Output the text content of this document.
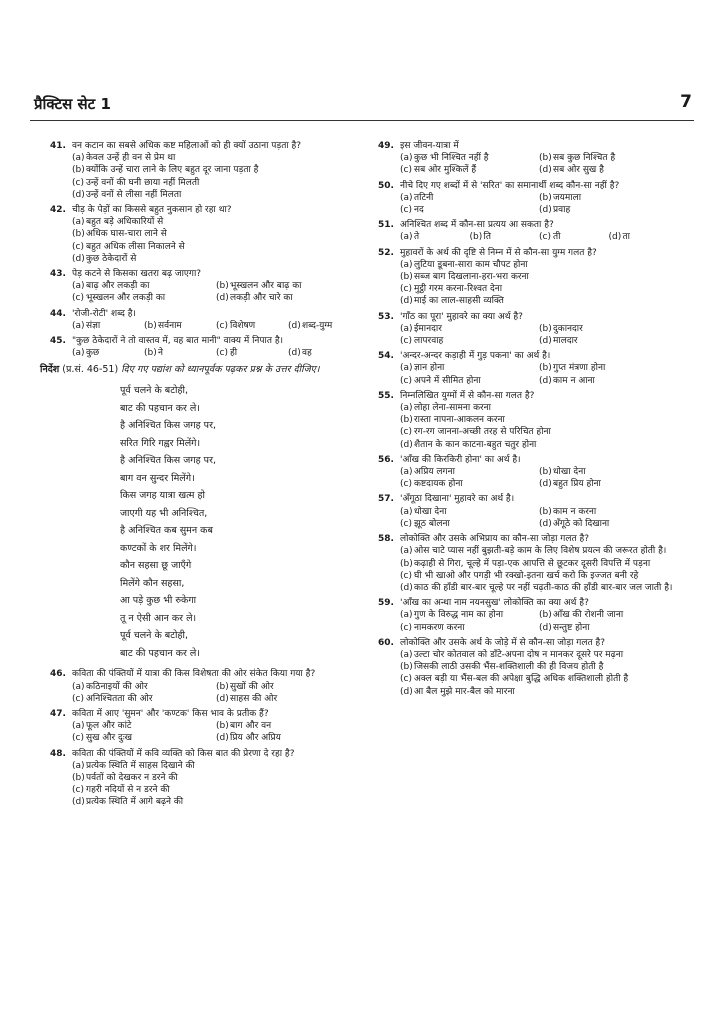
प्रैक्टिस सेट 1	7
41. वन कटान का सबसे अधिक कष्ट महिलाओं को ही क्यों उठाना पड़ता है?
(a) केवल उन्हें ही वन से प्रेम था
(b) क्योंकि उन्हें चारा लाने के लिए बहुत दूर जाना पड़ता है
(c) उन्हें वनों की घनी छाया नहीं मिलती
(d) उन्हें वनों से लीसा नहीं मिलता
42. चीड़ के पेड़ों का किससे बहुत नुकसान हो रहा था?
(a) बहुत बड़े अधिकारियों से
(b) अधिक घास-चारा लाने से
(c) बहुत अधिक लीसा निकालने से
(d) कुछ ठेकेदारों से
43. पेड़ कटने से किसका खतरा बढ़ जाएगा?
(a) बाढ़ और लकड़ी का	(b) भूस्खलन और बाढ़ का
(c) भूस्खलन और लकड़ी का	(d) लकड़ी और चारे का
44. 'रोजी-रोटी' शब्द है।
(a) संज्ञा	(b) सर्वनाम	(c) विशेषण	(d) शब्द-युग्म
45. "कुछ ठेकेदारों ने तो वास्तव में, वह बात मानी" वाक्य में निपात है।
(a) कुछ	(b) ने	(c) ही	(d) वह
निर्देश (प्र.सं. 46-51) दिए गए पद्यांश को ध्यानपूर्वक पढ़कर प्रश्न के उत्तर दीजिए।
पूर्व चलने के बटोही,
बाट की पहचान कर ले।
है अनिश्चित किस जगह पर,
सरित गिरि गह्वर मिलेंगे।
है अनिश्चित किस जगह पर,
बाग वन सुन्दर मिलेंगे।
किस जगह यात्रा खत्म हो
जाएगी यह भी अनिश्चित,
है अनिश्चित कब सुमन कब
कण्टकों के शर मिलेंगे।
कौन सहसा छू जाएँगे
मिलेंगे कौन सहसा,
आ पड़े कुछ भी रुकेगा
तू न ऐसी आन कर ले।
पूर्व चलने के बटोही,
बाट की पहचान कर ले।
46. कविता की पंक्तियों में यात्रा की किस विशेषता की ओर संकेत किया गया है?
(a) कठिनाइयों की ओर	(b) सुखों की ओर
(c) अनिश्चितता की ओर	(d) साहस की ओर
47. कविता में आए 'सुमन' और 'कण्टक' किस भाव के प्रतीक हैं?
(a) फूल और कांटे	(b) बाग और वन
(c) सुख और दुःख	(d) प्रिय और अप्रिय
48. कविता की पंक्तियों में कवि व्यक्ति को किस बात की प्रेरणा दे रहा है?
(a) प्रत्येक स्थिति में साहस दिखाने की
(b) पर्वतों को देखकर न डरने की
(c) गहरी नदियों से न डरने की
(d) प्रत्येक स्थिति में आगे बढ़ने की
49. इस जीवन-यात्रा में
(a) कुछ भी निश्चित नहीं है	(b) सब कुछ निश्चित है
(c) सब ओर मुश्किलें हैं	(d) सब ओर सुख है
50. नीचे दिए गए शब्दों में से 'सरित' का समानार्थी शब्द कौन-सा नहीं है?
(a) तटिनी	(b) जयमाला
(c) नद	(d) प्रवाह
51. अनिश्चित शब्द में कौन-सा प्रत्यय आ सकता है?
(a) ते	(b) ति	(c) ती	(d) ता
52. मुहावरों के अर्थ की दृष्टि से निम्न में से कौन-सा युग्म गलत है?
(a) लुटिया डूबना-सारा काम चौपट होना
(b) सब्ज बाग दिखलाना-हरा-भरा करना
(c) मुट्ठी गरम करना-रिश्वत देना
(d) माई का लाल-साहसी व्यक्ति
53. 'गाँठ का पूरा' मुहावरे का क्या अर्थ है?
(a) ईमानदार	(b) दुकानदार
(c) लापरवाह	(d) मालदार
54. 'अन्दर-अन्दर कड़ाही में गुड़ पकना' का अर्थ है।
(a) ज्ञान होना	(b) गुप्त मंत्रणा होना
(c) अपने में सीमित होना	(d) काम न आना
55. निम्नलिखित युग्मों में से कौन-सा गलत है?
(a) लोहा लेना-सामना करना
(b) रास्ता नापना-आकलन करना
(c) रग-रग जानना-अच्छी तरह से परिचित होना
(d) शैतान के कान काटना-बहुत चतुर होना
56. 'आँख की किरकिरी होना' का अर्थ है।
(a) अप्रिय लगना	(b) धोखा देना
(c) कष्टदायक होना	(d) बहुत प्रिय होना
57. 'अँगूठा दिखाना' मुहावरे का अर्थ है।
(a) धोखा देना	(b) काम न करना
(c) झूठ बोलना	(d) अँगूठे को दिखाना
58. लोकोक्ति और उसके अभिप्राय का कौन-सा जोड़ा गलत है?
(a) ओस चाटे प्यास नहीं बुझती-बड़े काम के लिए विशेष प्रयत्न की जरूरत होती है।
(b) कढ़ाही से गिरा, चूल्हे में पड़ा-एक आपत्ति से छूटकर दूसरी विपत्ति में पड़ना
(c) घी भी खाओ और पगड़ी भी रक्खो-इतना खर्च करो कि इज्जत बनी रहे
(d) काठ की हाँडी बार-बार चूल्हे पर नहीं चढ़ती-काठ की हाँडी बार-बार जल जाती है।
59. 'आँख का अन्धा नाम नयनसुख' लोकोक्ति का क्या अर्थ है?
(a) गुण के विरुद्ध नाम का होना	(b) आँख की रोशनी जाना
(c) नामकरण करना	(d) सन्तुष्ट होना
60. लोकोक्ति और उसके अर्थ के जोड़े में से कौन-सा जोड़ा गलत है?
(a) उल्टा चोर कोतवाल को डाँटे-अपना दोष न मानकर दूसरे पर मढ़ना
(b) जिसकी लाठी उसकी भैंस-शक्तिशाली की ही विजय होती है
(c) अक्ल बड़ी या भैंस-बल की अपेक्षा बुद्धि अधिक शक्तिशाली होती है
(d) आ बैल मुझे मार-बैल को मारना
